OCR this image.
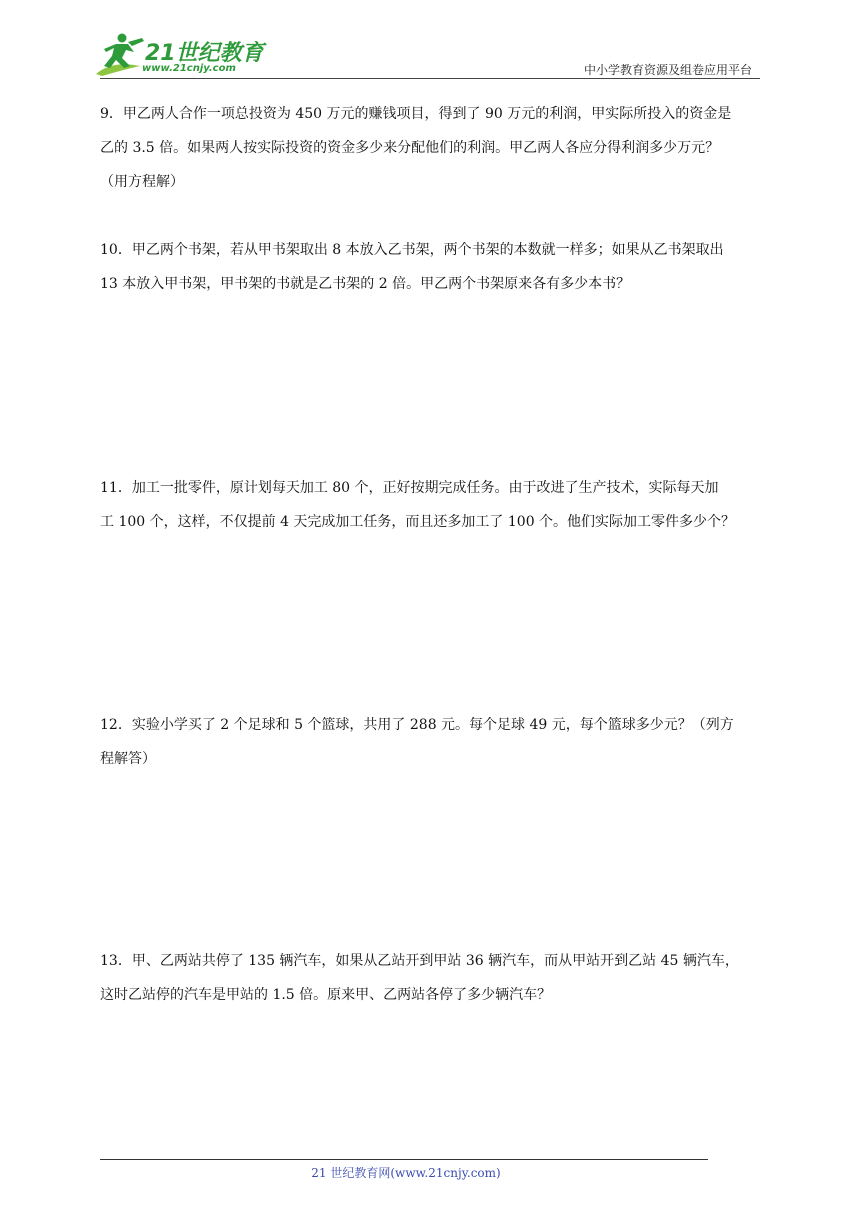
21世纪教育
www.21cnjy.com	中小学教育资源及组卷应用平台

9．甲乙两人合作一项总投资为 450 万元的赚钱项目，得到了 90 万元的利润，甲实际所投入的资金是

乙的 3.5 倍。如果两人按实际投资的资金多少来分配他们的利润。甲乙两人各应分得利润多少万元？

（用方程解）

10．甲乙两个书架，若从甲书架取出 8 本放入乙书架，两个书架的本数就一样多；如果从乙书架取出

13 本放入甲书架，甲书架的书就是乙书架的 2 倍。甲乙两个书架原来各有多少本书？

11．加工一批零件，原计划每天加工 80 个，正好按期完成任务。由于改进了生产技术，实际每天加

工 100 个，这样，不仅提前 4 天完成加工任务，而且还多加工了 100 个。他们实际加工零件多少个？

12．实验小学买了 2 个足球和 5 个篮球，共用了 288 元。每个足球 49 元，每个篮球多少元？（列方

程解答）

13．甲、乙两站共停了 135 辆汽车，如果从乙站开到甲站 36 辆汽车，而从甲站开到乙站 45 辆汽车，

这时乙站停的汽车是甲站的 1.5 倍。原来甲、乙两站各停了多少辆汽车？

21 世纪教育网(www.21cnjy.com)
